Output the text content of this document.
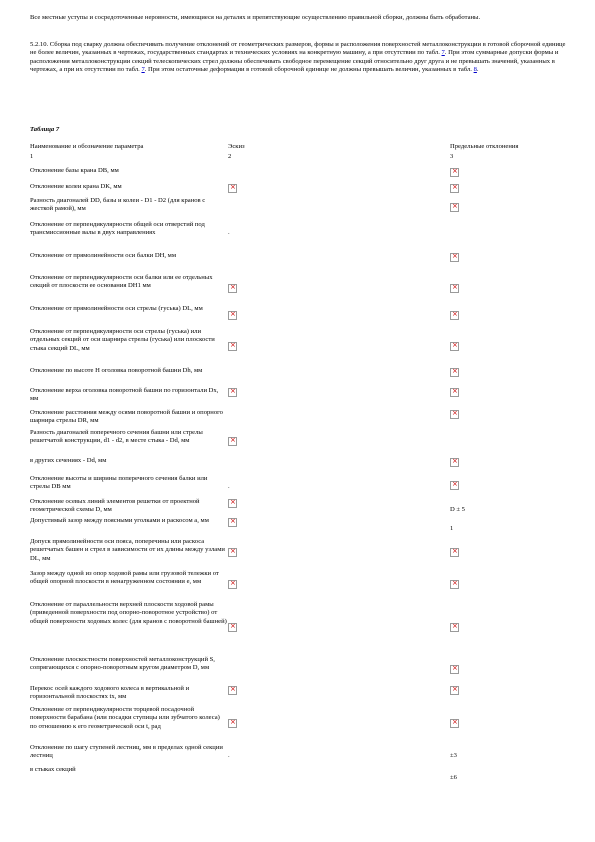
Все местные уступы и сосредоточенные неровности, имеющиеся на деталях и препятствующие осуществлению правильной сборки, должны быть обработаны.

5.2.10. Сборка под сварку должна обеспечивать получение отклонений от геометрических размеров, формы и расположения поверхностей металлоконструкции в готовой сборочной единице не более величин, указанных в чертежах, государственных стандартах и технических условиях на конкретную машину, а при отсутствии по табл. 7. При этом суммарные допуски формы и расположения металлоконструкции секций телескопических стрел должны обеспечивать свободное перемещение секций относительно друг друга и не превышать значений, указанных в чертежах, а при их отсутствии по табл. 7. При этом остаточные деформации в готовой сборочной единице не должны превышать величин, указанных в табл. 8.

Таблица 7

Наименование и обозначение параметра	Эскиз	Предельные отклонения
1	2	3
Отклонение базы крана DB, мм		×
Отклонение колеи крана DK, мм	×	×
Разность диагоналей DD, базы и колеи - D1 - D2 (для кранов с жесткой рамой), мм		×
Отклонение от перпендикулярности общей оси отверстий под трансмиссионные валы в двух направлениях	.	
Отклонение от прямолинейности оси балки DH, мм		×
Отклонение от перпендикулярности оси балки или ее отдельных секций от плоскости ее основания DH1 мм	×	×
Отклонение от прямолинейности оси стрелы (гуська) DL, мм	×	×
Отклонение от перпендикулярности оси стрелы (гуська) или отдельных секций от оси шарнира стрелы (гуська) или плоскости стыка секций DL, мм	×	×
Отклонение по высоте H оголовка поворотной башни Dh, мм		×
Отклонение верха оголовка поворотной башни по горизонтали Dx, мм	×	×
Отклонение расстояния между осями поворотной башни и опорного шарнира стрелы DR, мм		×
Разность диагоналей поперечного сечения башни или стрелы решетчатой конструкции, d1 - d2, в месте стыка - Dd, мм	×	
в других сечениях - Dd, мм		×
Отклонение высоты и ширины поперечного сечения балки или стрелы DB мм	.	×
Отклонение осевых линий элементов решетки от проектной геометрической схемы D, мм	×	D ± 5
Допустимый зазор между поясными уголками и раскосом a, мм	×	1
Допуск прямолинейности оси пояса, поперечины или раскоса решетчатых башен и стрел в зависимости от их длины между узлами DL, мм	×	×
Зазор между одной из опор ходовой рамы или грузовой тележки от общей опорной плоскости в ненагруженном состоянии e, мм	×	×
Отклонение от параллельности верхней плоскости ходовой рамы (приведенной поверхности под опорно-поворотное устройство) от общей поверхности ходовых колес (для кранов с поворотной башней)	×	×
Отклонение плоскостности поверхностей металлоконструкций S, сопрягающихся с опорно-поворотным кругом диаметром D, мм		×
Перекос осей каждого ходового колеса в вертикальной и горизонтальной плоскостях tx, мм	×	×
Отклонение от перпендикулярности торцевой посадочной поверхности барабана (или посадки ступицы или зубчатого колеса) по отношению к его геометрической оси t, рад	×	×
Отклонение по шагу ступеней лестниц, мм в пределах одной секции лестниц	.	±3
в стыках секций		±6
